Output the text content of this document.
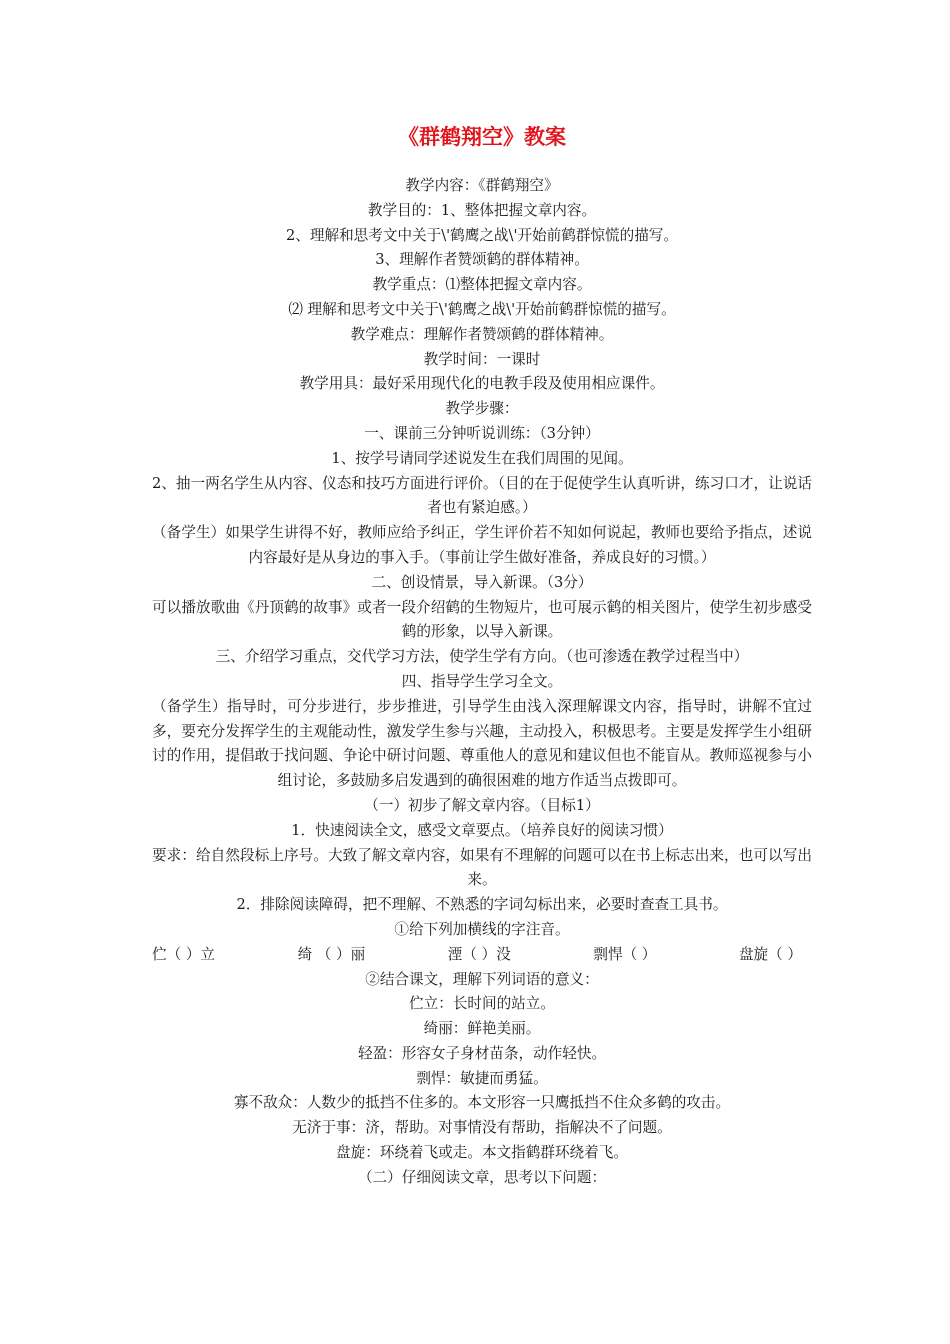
《群鹤翔空》教案
教学内容：《群鹤翔空》
教学目的：1、整体把握文章内容。
2、理解和思考文中关于\'鹤鹰之战\'开始前鹤群惊慌的描写。
3、理解作者赞颂鹤的群体精神。
教学重点：⑴整体把握文章内容。
⑵ 理解和思考文中关于\'鹤鹰之战\'开始前鹤群惊慌的描写。
教学难点：理解作者赞颂鹤的群体精神。
教学时间：一课时
教学用具：最好采用现代化的电教手段及使用相应课件。
教学步骤：
一、课前三分钟听说训练：（3分钟）
1、按学号请同学述说发生在我们周围的见闻。
2、抽一两名学生从内容、仪态和技巧方面进行评价。（目的在于促使学生认真听讲，练习口才，让说话者也有紧迫感。）
（备学生）如果学生讲得不好，教师应给予纠正，学生评价若不知如何说起，教师也要给予指点，述说内容最好是从身边的事入手。（事前让学生做好准备，养成良好的习惯。）
二、创设情景，导入新课。（3分）
可以播放歌曲《丹顶鹤的故事》或者一段介绍鹤的生物短片，也可展示鹤的相关图片，使学生初步感受鹤的形象，以导入新课。
三、介绍学习重点，交代学习方法，使学生学有方向。（也可渗透在教学过程当中）
四、指导学生学习全文。
（备学生）指导时，可分步进行，步步推进，引导学生由浅入深理解课文内容，指导时，讲解不宜过多，要充分发挥学生的主观能动性，激发学生参与兴趣，主动投入，积极思考。主要是发挥学生小组研讨的作用，提倡敢于找问题、争论中研讨问题、尊重他人的意见和建议但也不能盲从。教师巡视参与小组讨论，多鼓励多启发遇到的确很困难的地方作适当点拨即可。
（一）初步了解文章内容。（目标1）
1．快速阅读全文，感受文章要点。（培养良好的阅读习惯）
要求：给自然段标上序号。大致了解文章内容，如果有不理解的问题可以在书上标志出来，也可以写出来。
2．排除阅读障碍，把不理解、不熟悉的字词勾标出来，必要时查查工具书。
①给下列加横线的字注音。
伫（ ）立	绮 （ ）丽	湮（ ）没	剽悍（ ）	盘旋（ ）
②结合课文，理解下列词语的意义：
伫立：长时间的站立。
绮丽：鲜艳美丽。
轻盈：形容女子身材苗条，动作轻快。
剽悍：敏捷而勇猛。
寡不敌众：人数少的抵挡不住多的。本文形容一只鹰抵挡不住众多鹤的攻击。
无济于事：济，帮助。对事情没有帮助，指解决不了问题。
盘旋：环绕着飞或走。本文指鹤群环绕着飞。
（二）仔细阅读文章，思考以下问题：
